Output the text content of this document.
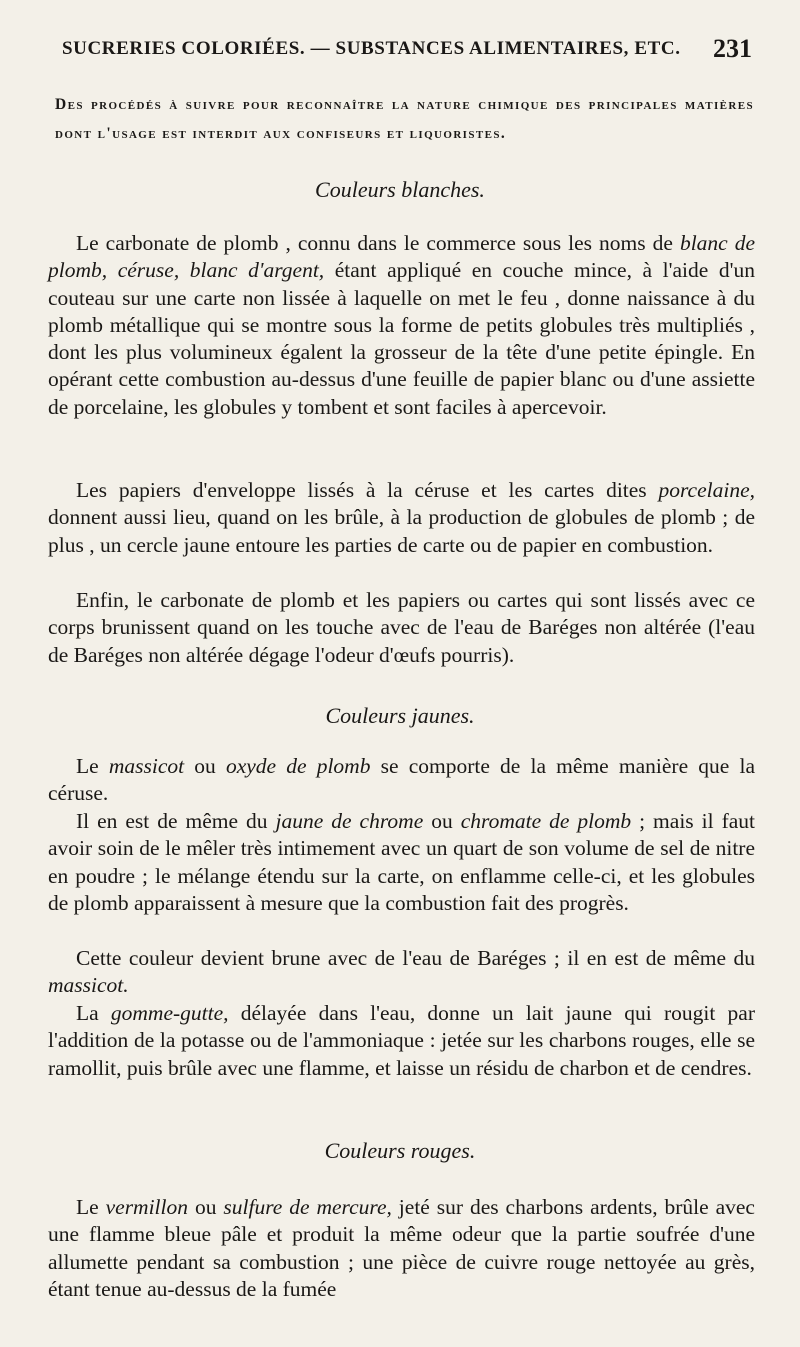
SUCRERIES COLORIÉES. — SUBSTANCES ALIMENTAIRES, ETC. 231
Des procédés à suivre pour reconnaître la nature chimique des principales matières dont l'usage est interdit aux confiseurs et liquoristes.
Couleurs blanches.

Le carbonate de plomb , connu dans le commerce sous les noms de blanc de plomb, céruse, blanc d'argent, étant appliqué en couche mince, à l'aide d'un couteau sur une carte non lissée à laquelle on met le feu , donne naissance à du plomb métallique qui se montre sous la forme de petits globules très multipliés , dont les plus volumineux égalent la grosseur de la tête d'une petite épingle. En opérant cette combustion au-dessus d'une feuille de papier blanc ou d'une assiette de porcelaine, les globules y tombent et sont faciles à apercevoir.

Les papiers d'enveloppe lissés à la céruse et les cartes dites porcelaine, donnent aussi lieu, quand on les brûle, à la production de globules de plomb ; de plus , un cercle jaune entoure les parties de carte ou de papier en combustion.

Enfin, le carbonate de plomb et les papiers ou cartes qui sont lissés avec ce corps brunissent quand on les touche avec de l'eau de Baréges non altérée (l'eau de Baréges non altérée dégage l'odeur d'œufs pourris).

Couleurs jaunes.

Le massicot ou oxyde de plomb se comporte de la même manière que la céruse.

Il en est de même du jaune de chrome ou chromate de plomb ; mais il faut avoir soin de le mêler très intimement avec un quart de son volume de sel de nitre en poudre ; le mélange étendu sur la carte, on enflamme celle-ci, et les globules de plomb apparaissent à mesure que la combustion fait des progrès.

Cette couleur devient brune avec de l'eau de Baréges ; il en est de même du massicot.

La gomme-gutte, délayée dans l'eau, donne un lait jaune qui rougit par l'addition de la potasse ou de l'ammoniaque : jetée sur les charbons rouges, elle se ramollit, puis brûle avec une flamme, et laisse un résidu de charbon et de cendres.

Couleurs rouges.

Le vermillon ou sulfure de mercure, jeté sur des charbons ardents, brûle avec une flamme bleue pâle et produit la même odeur que la partie soufrée d'une allumette pendant sa combustion ; une pièce de cuivre rouge nettoyée au grès, étant tenue au-dessus de la fumée
